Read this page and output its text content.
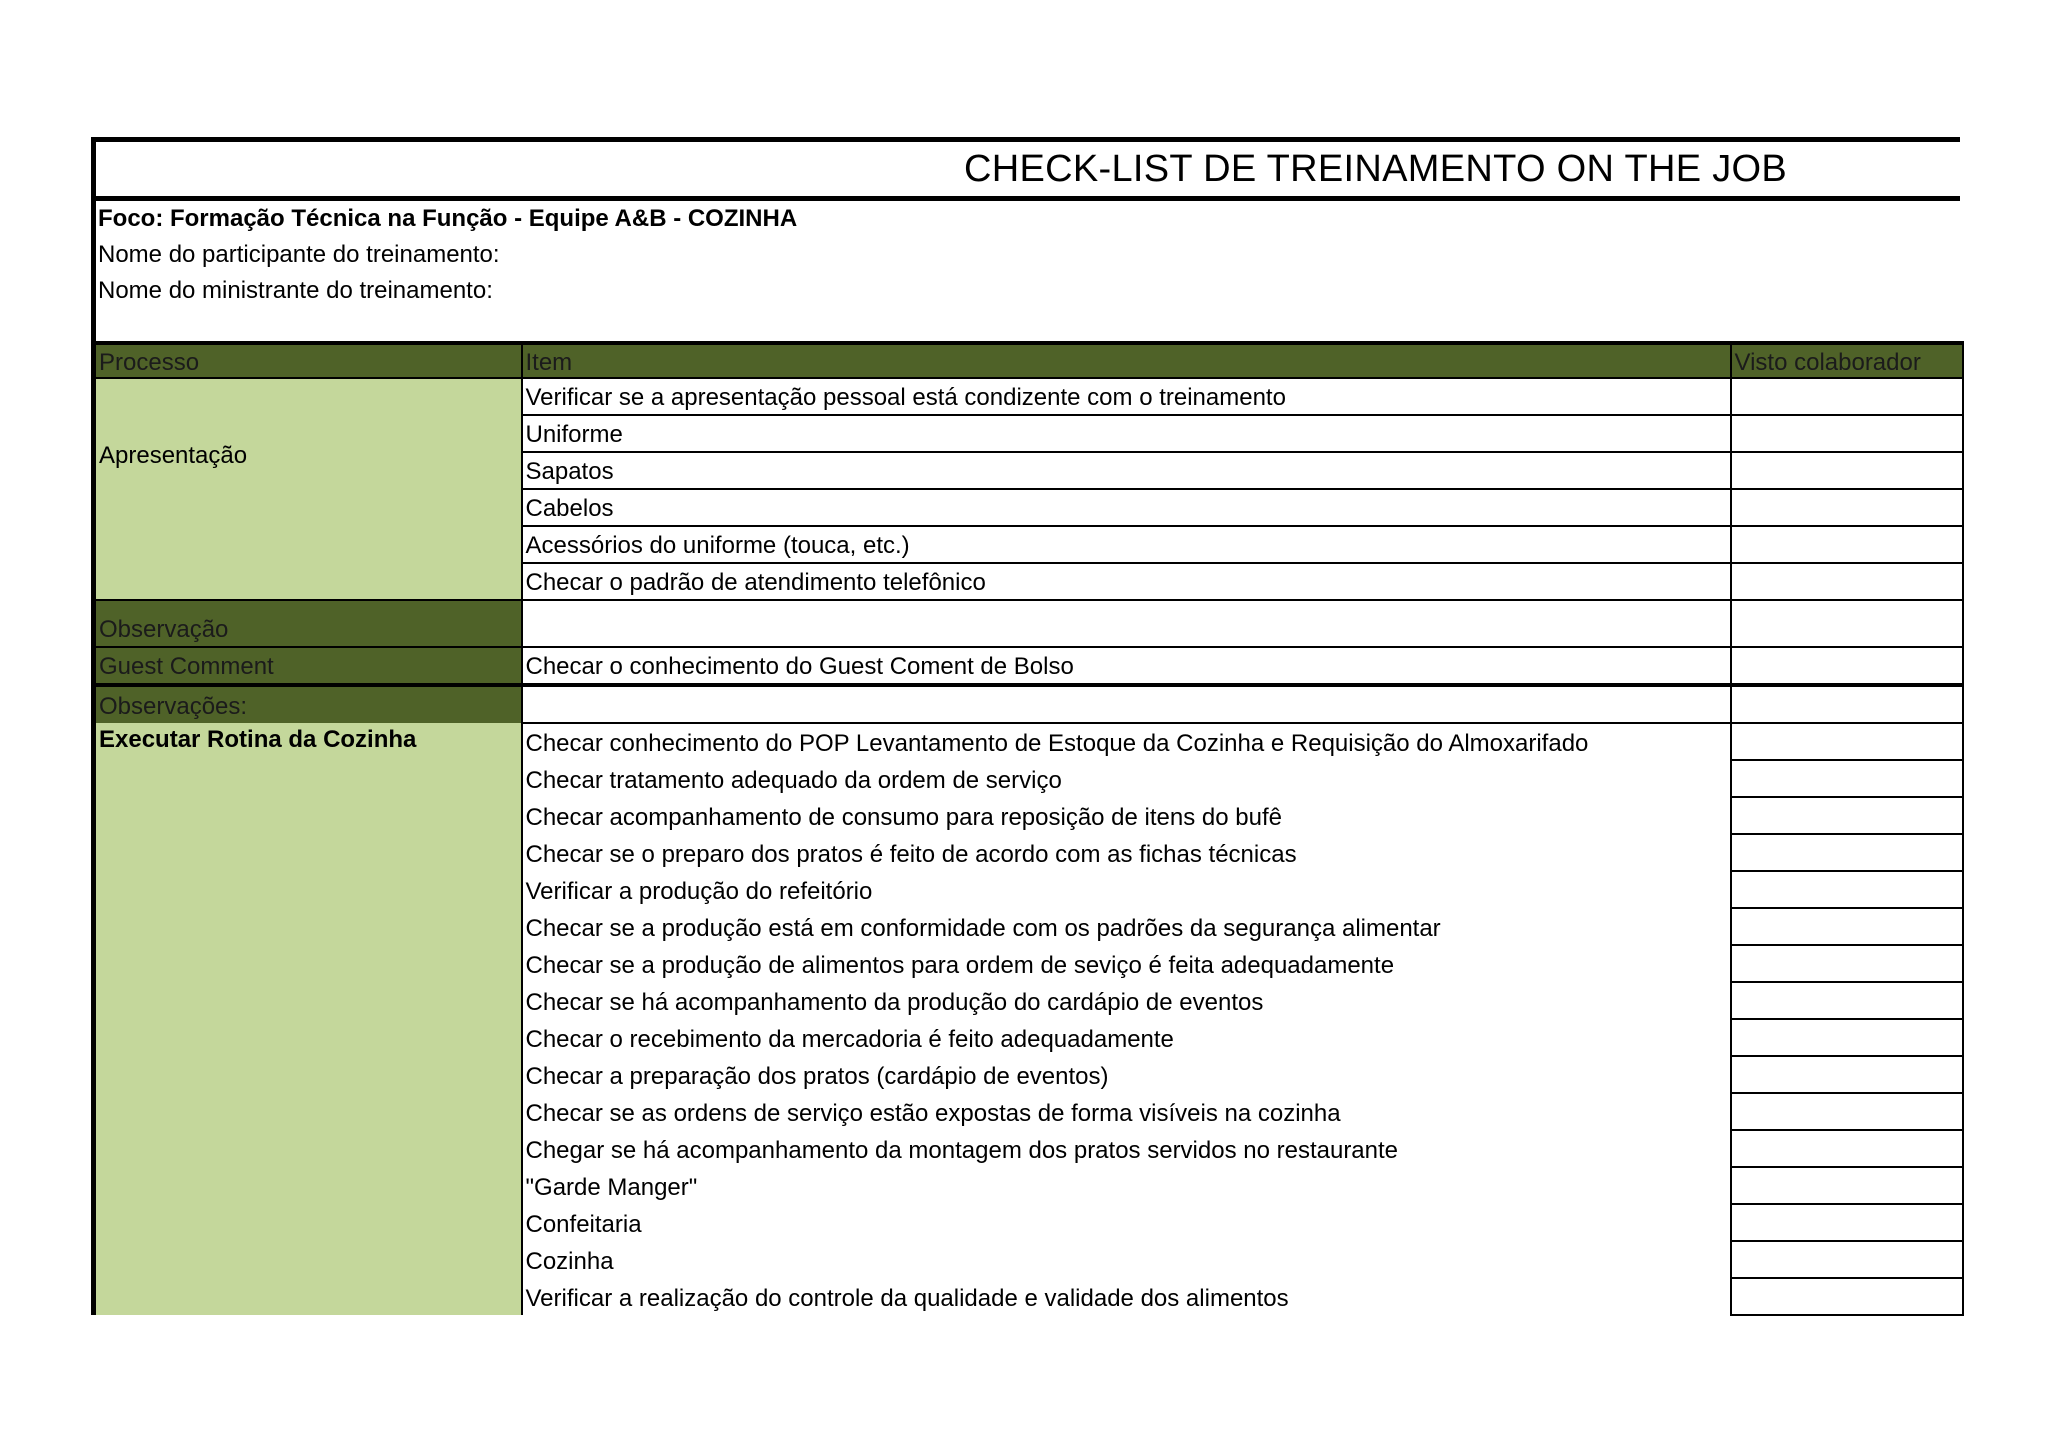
CHECK-LIST DE TREINAMENTO ON THE JOB
Foco: Formação Técnica na Função - Equipe A&B - COZINHA
Nome do participante do treinamento:
Nome do ministrante do treinamento:
Processo	Item	Visto colaborador
Apresentação	Verificar se a apresentação pessoal está condizente com o treinamento	
	Uniforme	
	Sapatos	
	Cabelos	
	Acessórios do uniforme (touca, etc.)	
	Checar o padrão de atendimento telefônico	
Observação		
Guest Comment	Checar o conhecimento do Guest Coment de Bolso	
Observações:		
Executar Rotina da Cozinha	Checar conhecimento do POP Levantamento de Estoque da Cozinha e Requisição do Almoxarifado	
	Checar tratamento adequado da ordem de serviço	
	Checar acompanhamento de consumo para reposição de itens do bufê	
	Checar se o preparo dos pratos é feito de acordo com as fichas técnicas	
	Verificar a produção do refeitório	
	Checar se a produção está em conformidade com os padrões da segurança alimentar	
	Checar se a produção de alimentos para ordem de seviço é feita adequadamente	
	Checar se há acompanhamento da produção do cardápio de eventos	
	Checar o recebimento da mercadoria é feito adequadamente	
	Checar a preparação dos pratos (cardápio de eventos)	
	Checar se as ordens de serviço estão expostas de forma visíveis na cozinha	
	Chegar se há acompanhamento da montagem dos pratos servidos no restaurante	
	"Garde Manger"	
	Confeitaria	
	Cozinha	
	Verificar a realização do controle da qualidade e validade dos alimentos	
